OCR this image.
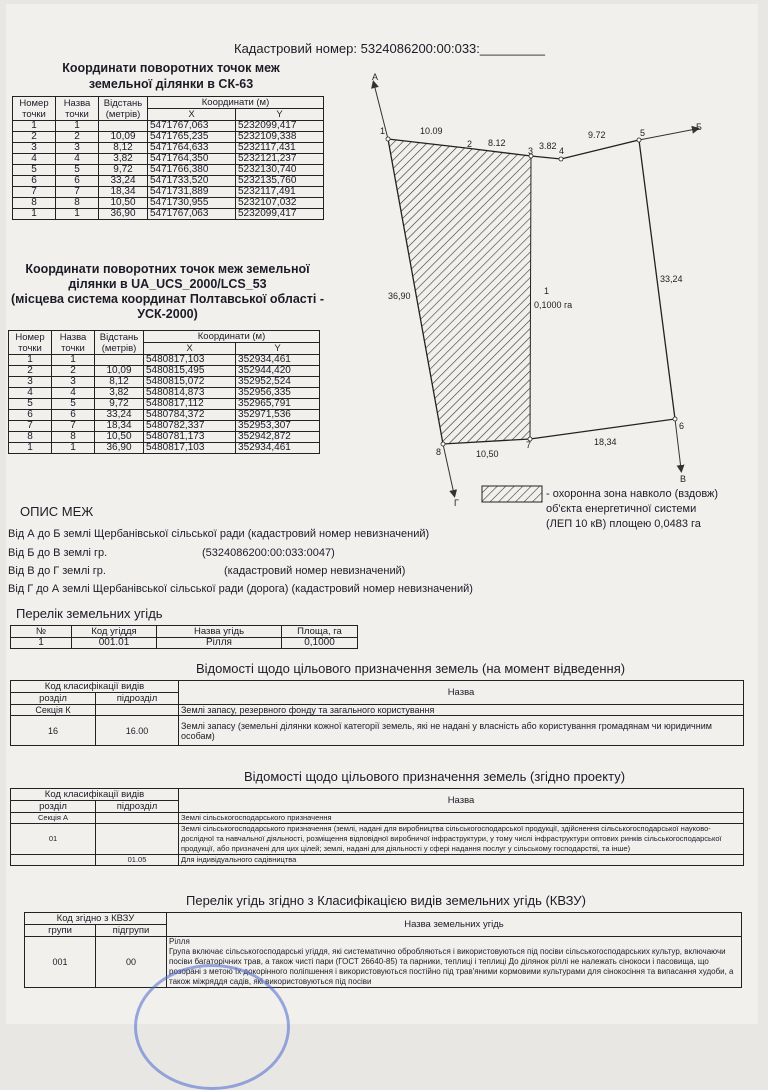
Кадастровий номер: 5324086200:00:033:_________
Координати поворотних точок меж земельної ділянки в СК-63
Номер точки	Назва точки	Відстань (метрів)	Координати (м)	
			X	Y
1	1		5471767,063	5232099,417
2	2	10,09	5471765,235	5232109,338
3	3	8,12	5471764,633	5232117,431
4	4	3,82	5471764,350	5232121,237
5	5	9,72	5471766,380	5232130,740
6	6	33,24	5471733,520	5232135,760
7	7	18,34	5471731,889	5232117,491
8	8	10,50	5471730,955	5232107,032
1	1	36,90	5471767,063	5232099,417
Координати поворотних точок меж земельної
ділянки в UA_UCS_2000/LCS_53
(місцева система координат Полтавської області -
УСК-2000)
Номер точки	Назва точки	Відстань (метрів)	Координати (м)	
			X	Y
1	1		5480817,103	352934,461
2	2	10,09	5480815,495	352944,420
3	3	8,12	5480815,072	352952,524
4	4	3,82	5480814,873	352956,335
5	5	9,72	5480817,112	352965,791
6	6	33,24	5480784,372	352971,536
7	7	18,34	5480782,337	352953,307
8	8	10,50	5480781,173	352942,872
1	1	36,90	5480817,103	352934,461
А
Б
В
Г
1
2
3	4
5
6
7
8
10.09
8.12	3.82
9.72
33,24
18,34
10,50
36,90	1
0,1000 га
- охоронна зона навколо (вздовж)
об'єкта енергетичної системи
(ЛЕП 10 кВ) площею 0,0483 га
ОПИС МЕЖ
Від А до Б землі Щербанівської сільської ради (кадастровий номер невизначений)
Від Б до В землі гр.	(5324086200:00:033:0047)
Від В до Г землі гр.	(кадастровий номер невизначений)
Від Г до А землі Щербанівської сільської ради (дорога) (кадастровий номер невизначений)
Перелік земельних угідь
№	Код угіддя	Назва угідь	Площа, га
1	001.01	Рілля	0,1000
Відомості щодо цільового призначення земель (на момент відведення)
Код класифікації видів		Назва
розділ	підрозділ	
Секція К		Землі запасу, резервного фонду та загального користування
16	16.00	Землі запасу (земельні ділянки кожної категорії земель, які не надані у власність або користування громадянам чи юридичним особам)
Відомості щодо цільового призначення земель (згідно проекту)
Код класифікації видів		Назва
розділ	підрозділ	
Секція А		Землі сільськогосподарського призначення
01		Землі сільськогосподарського призначення (землі, надані для виробництва сільськогосподарської продукції, здійснення сільськогосподарської науково-дослідної та навчальної діяльності, розміщення відповідної виробничої інфраструктури, у тому числі інфраструктури оптових ринків сільськогосподарської продукції, або призначені для цих цілей; землі, надані для діяльності у сфері надання послуг у сільському господарстві, та інше)
	01.05	Для індивідуального садівництва
Перелік угідь згідно з Класифікацією видів земельних угідь (КВЗУ)
Код згідно з КВЗУ		Назва земельних угідь
групи	підгрупи	
001	00	Рілля
Група включає сільськогосподарські угіддя, які систематично обробляються і використовуються під посіви сільськогосподарських культур, включаючи посіви багаторічних трав, а також чисті пари (ГОСТ 26640-85) та парники, теплиці і теплиці До ділянок ріллі не належать сінокоси і пасовища, що розорані з метою їх докорінного поліпшення і використовуються постійно під трав'яними кормовими культурами для сінокосіння та випасання худоби, а також міжряддя садів, які використовуються під посіви
